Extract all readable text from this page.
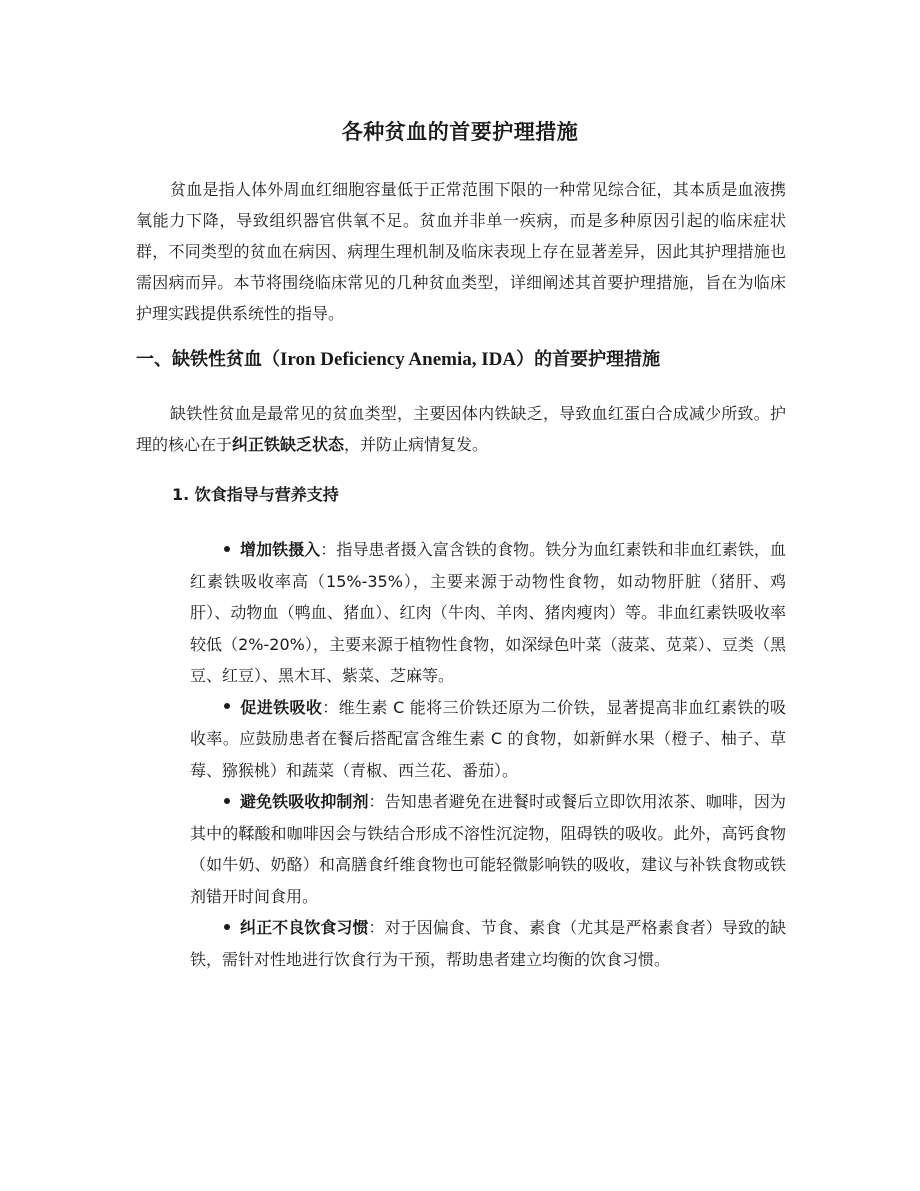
各种贫血的首要护理措施

贫血是指人体外周血红细胞容量低于正常范围下限的一种常见综合征，其本质是血液携氧能力下降，导致组织器官供氧不足。贫血并非单一疾病，而是多种原因引起的临床症状群，不同类型的贫血在病因、病理生理机制及临床表现上存在显著差异，因此其护理措施也需因病而异。本节将围绕临床常见的几种贫血类型，详细阐述其首要护理措施，旨在为临床护理实践提供系统性的指导。

一、缺铁性贫血（Iron Deficiency Anemia, IDA）的首要护理措施

缺铁性贫血是最常见的贫血类型，主要因体内铁缺乏，导致血红蛋白合成减少所致。护理的核心在于纠正铁缺乏状态，并防止病情复发。

1. 饮食指导与营养支持
增加铁摄入：指导患者摄入富含铁的食物。铁分为血红素铁和非血红素铁，血红素铁吸收率高（15%-35%），主要来源于动物性食物，如动物肝脏（猪肝、鸡肝）、动物血（鸭血、猪血）、红肉（牛肉、羊肉、猪肉瘦肉）等。非血红素铁吸收率较低（2%-20%），主要来源于植物性食物，如深绿色叶菜（菠菜、苋菜）、豆类（黑豆、红豆）、黑木耳、紫菜、芝麻等。
促进铁吸收：维生素 C 能将三价铁还原为二价铁，显著提高非血红素铁的吸收率。应鼓励患者在餐后搭配富含维生素 C 的食物，如新鲜水果（橙子、柚子、草莓、猕猴桃）和蔬菜（青椒、西兰花、番茄）。
避免铁吸收抑制剂：告知患者避免在进餐时或餐后立即饮用浓茶、咖啡，因为其中的鞣酸和咖啡因会与铁结合形成不溶性沉淀物，阻碍铁的吸收。此外，高钙食物（如牛奶、奶酪）和高膳食纤维食物也可能轻微影响铁的吸收，建议与补铁食物或铁剂错开时间食用。
纠正不良饮食习惯：对于因偏食、节食、素食（尤其是严格素食者）导致的缺铁，需针对性地进行饮食行为干预，帮助患者建立均衡的饮食习惯。
